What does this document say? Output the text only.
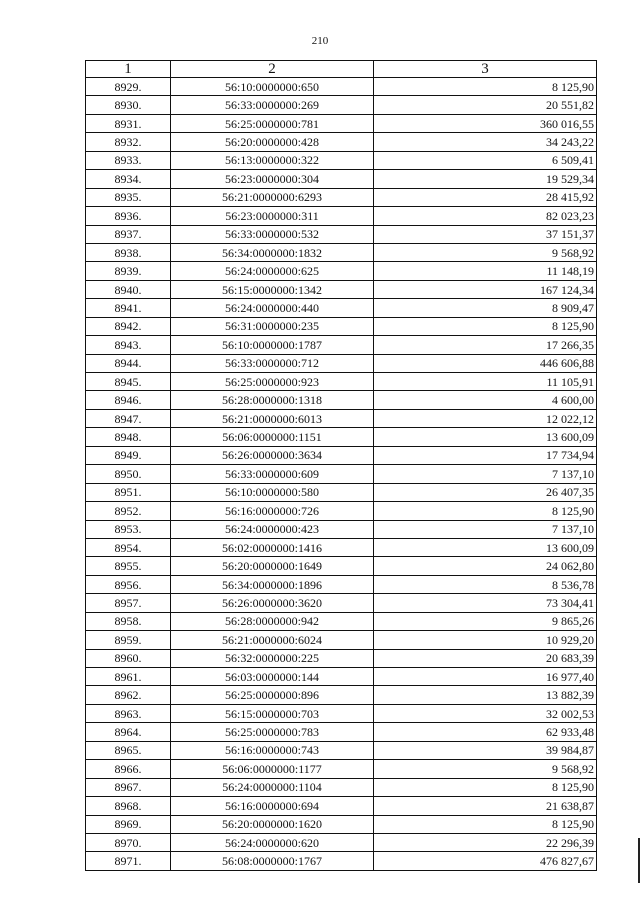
210
1	2	3
8929.	56:10:0000000:650	8 125,90
8930.	56:33:0000000:269	20 551,82
8931.	56:25:0000000:781	360 016,55
8932.	56:20:0000000:428	34 243,22
8933.	56:13:0000000:322	6 509,41
8934.	56:23:0000000:304	19 529,34
8935.	56:21:0000000:6293	28 415,92
8936.	56:23:0000000:311	82 023,23
8937.	56:33:0000000:532	37 151,37
8938.	56:34:0000000:1832	9 568,92
8939.	56:24:0000000:625	11 148,19
8940.	56:15:0000000:1342	167 124,34
8941.	56:24:0000000:440	8 909,47
8942.	56:31:0000000:235	8 125,90
8943.	56:10:0000000:1787	17 266,35
8944.	56:33:0000000:712	446 606,88
8945.	56:25:0000000:923	11 105,91
8946.	56:28:0000000:1318	4 600,00
8947.	56:21:0000000:6013	12 022,12
8948.	56:06:0000000:1151	13 600,09
8949.	56:26:0000000:3634	17 734,94
8950.	56:33:0000000:609	7 137,10
8951.	56:10:0000000:580	26 407,35
8952.	56:16:0000000:726	8 125,90
8953.	56:24:0000000:423	7 137,10
8954.	56:02:0000000:1416	13 600,09
8955.	56:20:0000000:1649	24 062,80
8956.	56:34:0000000:1896	8 536,78
8957.	56:26:0000000:3620	73 304,41
8958.	56:28:0000000:942	9 865,26
8959.	56:21:0000000:6024	10 929,20
8960.	56:32:0000000:225	20 683,39
8961.	56:03:0000000:144	16 977,40
8962.	56:25:0000000:896	13 882,39
8963.	56:15:0000000:703	32 002,53
8964.	56:25:0000000:783	62 933,48
8965.	56:16:0000000:743	39 984,87
8966.	56:06:0000000:1177	9 568,92
8967.	56:24:0000000:1104	8 125,90
8968.	56:16:0000000:694	21 638,87
8969.	56:20:0000000:1620	8 125,90
8970.	56:24:0000000:620	22 296,39
8971.	56:08:0000000:1767	476 827,67
